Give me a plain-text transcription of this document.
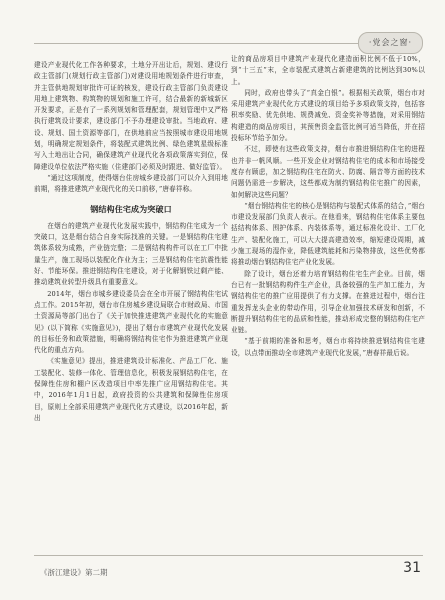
·党会之窗·

建设产业现代化工作各种要求，土地分开出让后，规划、建设行政主管部门(规划行政主管部门)对建设用地规划条件进行审查，并主管供地规划审批许可证的核发，建设行政主管部门负责建设用地上建筑物、构筑物的规划和施工许可，结合最新的新城新区开发要求，正是有了一系列规划和管理配套，规划管理中又严格执行建筑设计要求，建设部门不予办理建设审批。当地政府、建设、规划、国土资源等部门，在供地前应当按照城市建设用地规划，明确规定规划条件，将装配式建筑比例、绿色建筑星级标准写入土地出让合同，确保建筑产业现代化各项政策落实到位，保障建设单位依法严格实施（住建部门必须及时跟进、做好监管）。

“通过这项制度，使得烟台住房城乡建设部门可以介入到用地前期，将推进建筑产业现代化的关口前移，”唐春祥称。

钢结构住宅成为突破口

在烟台的建筑产业现代化发展实践中，钢结构住宅成为一个突破口，这是烟台结合自身实际找准的关键。一是钢结构住宅建筑体系较为成熟，产业链完整；二是钢结构构件可以在工厂中批量生产，施工现场以装配化作业为主；三是钢结构住宅抗震性能好、节能环保。推进钢结构住宅建设，对于化解钢铁过剩产能、推动建筑业转型升级具有重要意义。

2014年，烟台市城乡建设委员会在全市开展了钢结构住宅试点工作。2015年初，烟台市住房城乡建设局联合市财政局、市国土资源局等部门出台了《关于加快推进建筑产业现代化的实施意见》(以下简称《实施意见》)，提出了烟台市建筑产业现代化发展的目标任务和政策措施，明确将钢结构住宅作为推进建筑产业现代化的重点方向。

《实施意见》提出，推进建筑设计标准化、产品工厂化、施工装配化、装修一体化、管理信息化，积极发展钢结构住宅，在保障性住房和棚户区改造项目中率先推广应用钢结构住宅。其中，2016年1月1日起，政府投资的公共建筑和保障性住房项目，原则上全部采用建筑产业现代化方式建设，以2016年起，新出

让的商品房项目中建筑产业现代化建造面积比例不低于10%，到“十三五”末，全市装配式建筑占新建建筑的比例达到30%以上。

同时，政府也带头了“真金白银”。根据相关政策，烟台市对采用建筑产业现代化方式建设的项目给予多项政策支持，包括容积率奖励、优先供地、规费减免、资金奖补等措施，对采用钢结构建造的商品房项目，其预售资金监管比例可适当降低，并在招投标环节给予加分。

不过，即使有这些政策支持，烟台市推进钢结构住宅的进程也并非一帆风顺。一些开发企业对钢结构住宅的成本和市场接受度存有顾虑，加之钢结构住宅在防火、防腐、隔音等方面的技术问题仍需进一步解决，这些都成为制约钢结构住宅推广的因素，如何解决这些问题？

“烟台钢结构住宅的核心是钢结构与装配式体系的结合，”烟台市建设发展部门负责人表示。在他看来，钢结构住宅体系主要包括结构体系、围护体系、内装体系等，通过标准化设计、工厂化生产、装配化施工，可以大大提高建造效率，缩短建设周期，减少施工现场的湿作业，降低建筑能耗和污染物排放，这些优势都将推动烟台钢结构住宅产业化发展。

除了设计，烟台还着力培育钢结构住宅生产企业。目前，烟台已有一批钢结构构件生产企业，具备较强的生产加工能力，为钢结构住宅的推广应用提供了有力支撑。在推进过程中，烟台注重发挥龙头企业的带动作用，引导企业加强技术研发和创新，不断提升钢结构住宅的品质和性能，推动形成完整的钢结构住宅产业链。

“基于前期的准备和思考，烟台市将持续推进钢结构住宅建设，以点带面推动全市建筑产业现代化发展，”唐春祥最后说。

《浙江建设》第二期	31
